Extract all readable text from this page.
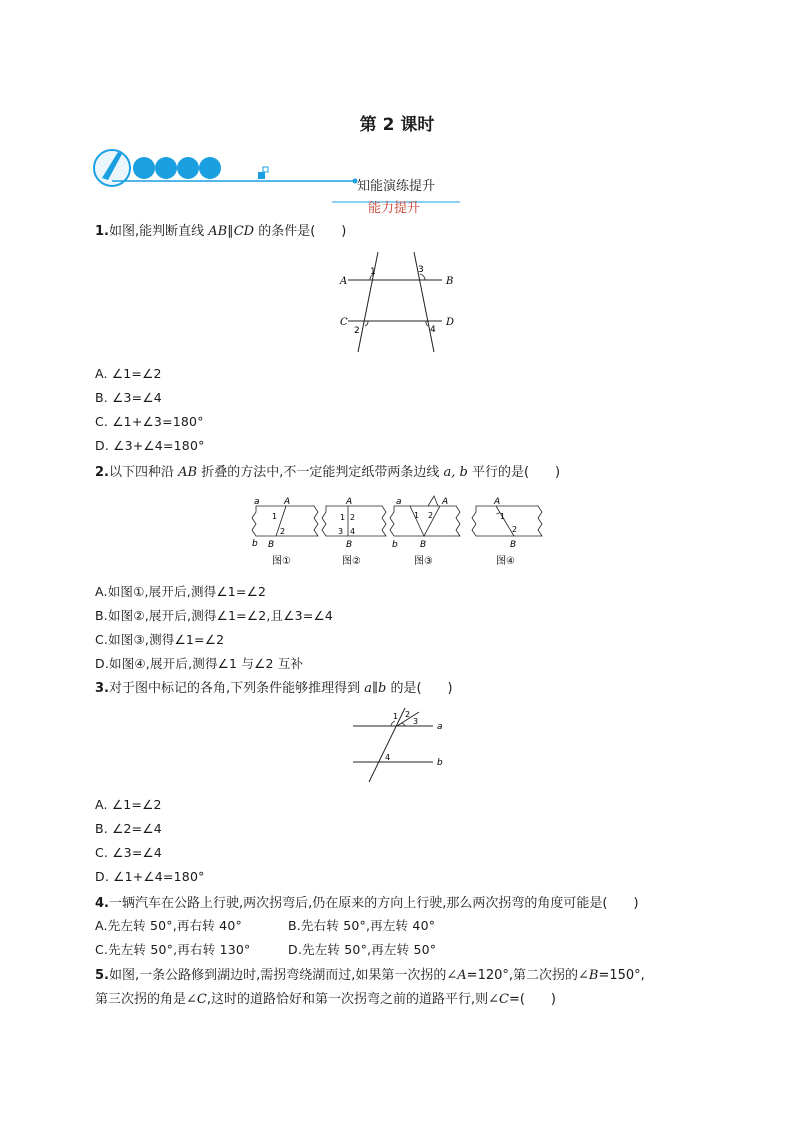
第 2 课时
知能演练提升
能力提升
1.如图,能判断直线 AB∥CD 的条件是(　　)
A	B
C	D
1
2
3
4
A. ∠1=∠2
B. ∠3=∠4
C. ∠1+∠3=180°
D. ∠3+∠4=180°
2.以下四种沿 AB 折叠的方法中,不一定能判定纸带两条边线 a, b 平行的是(　　)
a	A
1
2
b B
图①
A
1 2
3 4
B
图②
a	A
1 2
b B
图③
1
2
A
B
图④
A.如图①,展开后,测得∠1=∠2
B.如图②,展开后,测得∠1=∠2,且∠3=∠4
C.如图③,测得∠1=∠2
D.如图④,展开后,测得∠1 与∠2 互补
3.对于图中标记的各角,下列条件能够推理得到 a∥b 的是(　　)
1 2
3
4
a
b
A. ∠1=∠2
B. ∠2=∠4
C. ∠3=∠4
D. ∠1+∠4=180°
4.一辆汽车在公路上行驶,两次拐弯后,仍在原来的方向上行驶,那么两次拐弯的角度可能是(　　)
A.先左转 50°,再右转 40°	B.先右转 50°,再左转 40°
C.先左转 50°,再右转 130°	D.先左转 50°,再左转 50°
5.如图,一条公路修到湖边时,需拐弯绕湖而过,如果第一次拐的∠A=120°,第二次拐的∠B=150°,
第三次拐的角是∠C,这时的道路恰好和第一次拐弯之前的道路平行,则∠C=(　　)
